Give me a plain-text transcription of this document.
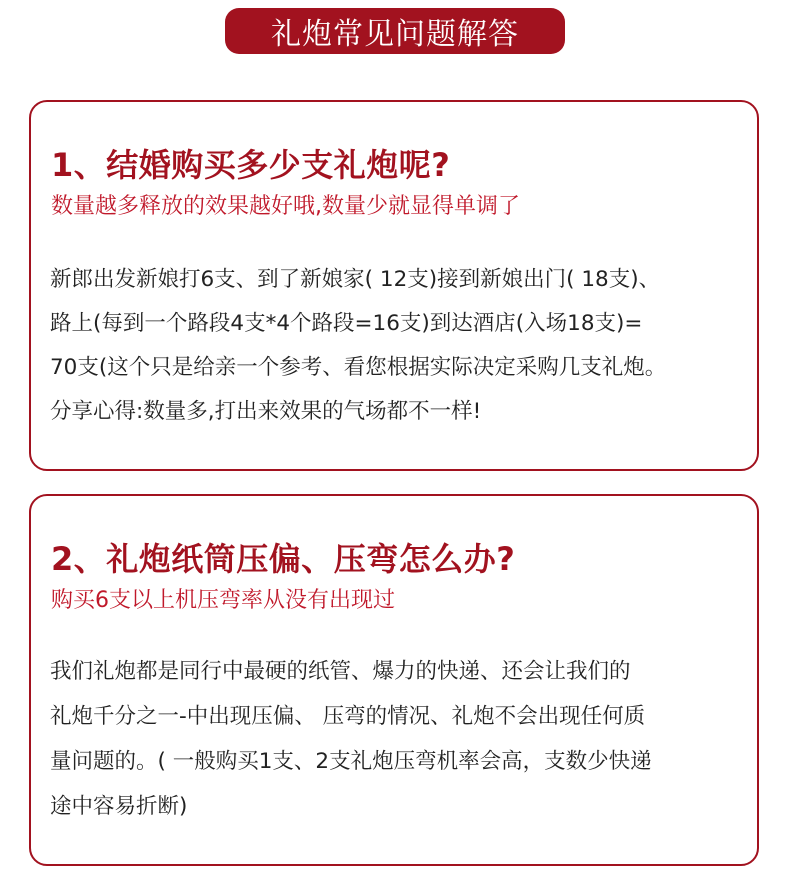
礼炮常见问题解答
1、结婚购买多少支礼炮呢?
数量越多释放的效果越好哦,数量少就显得单调了
新郎出发新娘打6支、到了新娘家( 12支)接到新娘出门( 18支)、
路上(每到一个路段4支*4个路段=16支)到达酒店(入场18支)=
70支(这个只是给亲一个参考、看您根据实际决定采购几支礼炮。
分享心得:数量多,打出来效果的气场都不一样!
2、礼炮纸筒压偏、压弯怎么办?
购买6支以上机压弯率从没有出现过
我们礼炮都是同行中最硬的纸管、爆力的快递、还会让我们的
礼炮千分之一-中出现压偏、 压弯的情况、礼炮不会出现任何质
量问题的。( 一般购买1支、2支礼炮压弯机率会高，支数少快递
途中容易折断)
